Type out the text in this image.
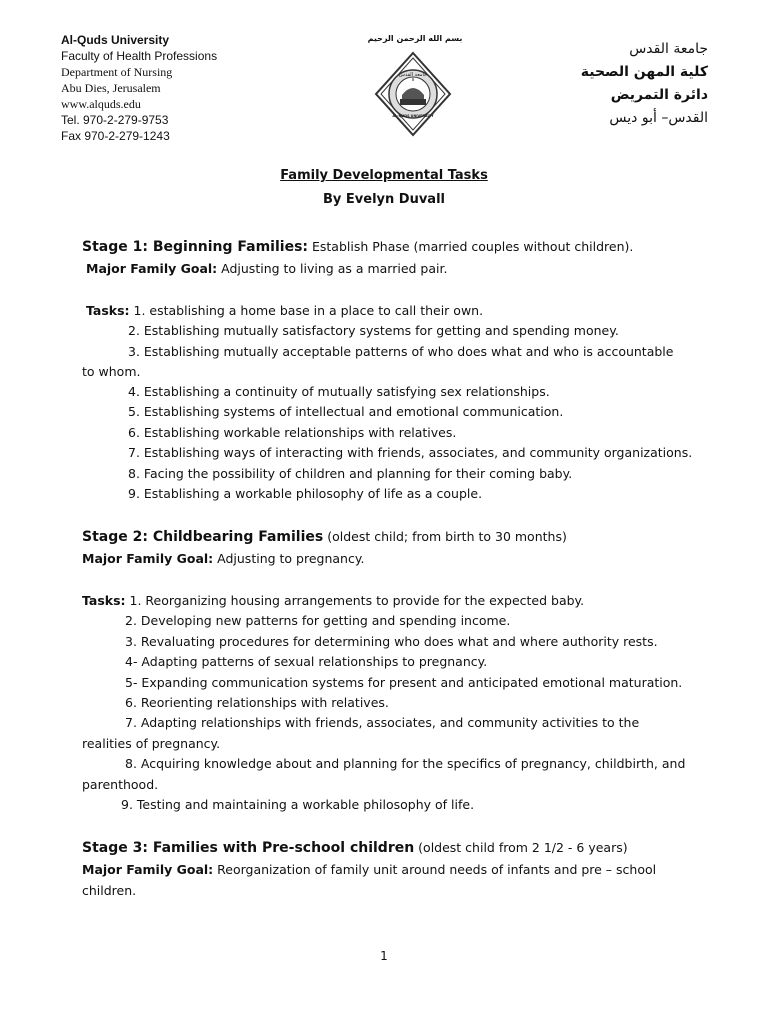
Al-Quds University
Faculty of Health Professions
Department of Nursing
Abu Dies, Jerusalem
www.alquds.edu
Tel. 970-2-279-9753
Fax 970-2-279-1243
بسم الله الرحمن الرحيم
جامعة القدس
AL-QUDS UNIVERSITY
جامعة القدس
كلية المهن الصحية
دائرة التمريض
القدس– أبو ديس
Family Developmental Tasks
By Evelyn Duvall
Stage 1: Beginning Families: Establish Phase (married couples without children).
Major Family Goal: Adjusting to living as a married pair.
Tasks: 1. establishing a home base in a place to call their own.
2. Establishing mutually satisfactory systems for getting and spending money.
3. Establishing mutually acceptable patterns of who does what and who is accountable
to whom.
4. Establishing a continuity of mutually satisfying sex relationships.
5. Establishing systems of intellectual and emotional communication.
6. Establishing workable relationships with relatives.
7. Establishing ways of interacting with friends, associates, and community organizations.
8. Facing the possibility of children and planning for their coming baby.
9. Establishing a workable philosophy of life as a couple.
Stage 2: Childbearing Families (oldest child; from birth to 30 months)
Major Family Goal: Adjusting to pregnancy.
Tasks: 1. Reorganizing housing arrangements to provide for the expected baby.
2. Developing new patterns for getting and spending income.
3. Revaluating procedures for determining who does what and where authority rests.
4- Adapting patterns of sexual relationships to pregnancy.
5- Expanding communication systems for present and anticipated emotional maturation.
6. Reorienting relationships with relatives.
7. Adapting relationships with friends, associates, and community activities to the
realities of pregnancy.
8. Acquiring knowledge about and planning for the specifics of pregnancy, childbirth, and
parenthood.
9. Testing and maintaining a workable philosophy of life.
Stage 3: Families with Pre-school children (oldest child from 2 1/2 - 6 years)
Major Family Goal: Reorganization of family unit around needs of infants and pre – school
children.
1
